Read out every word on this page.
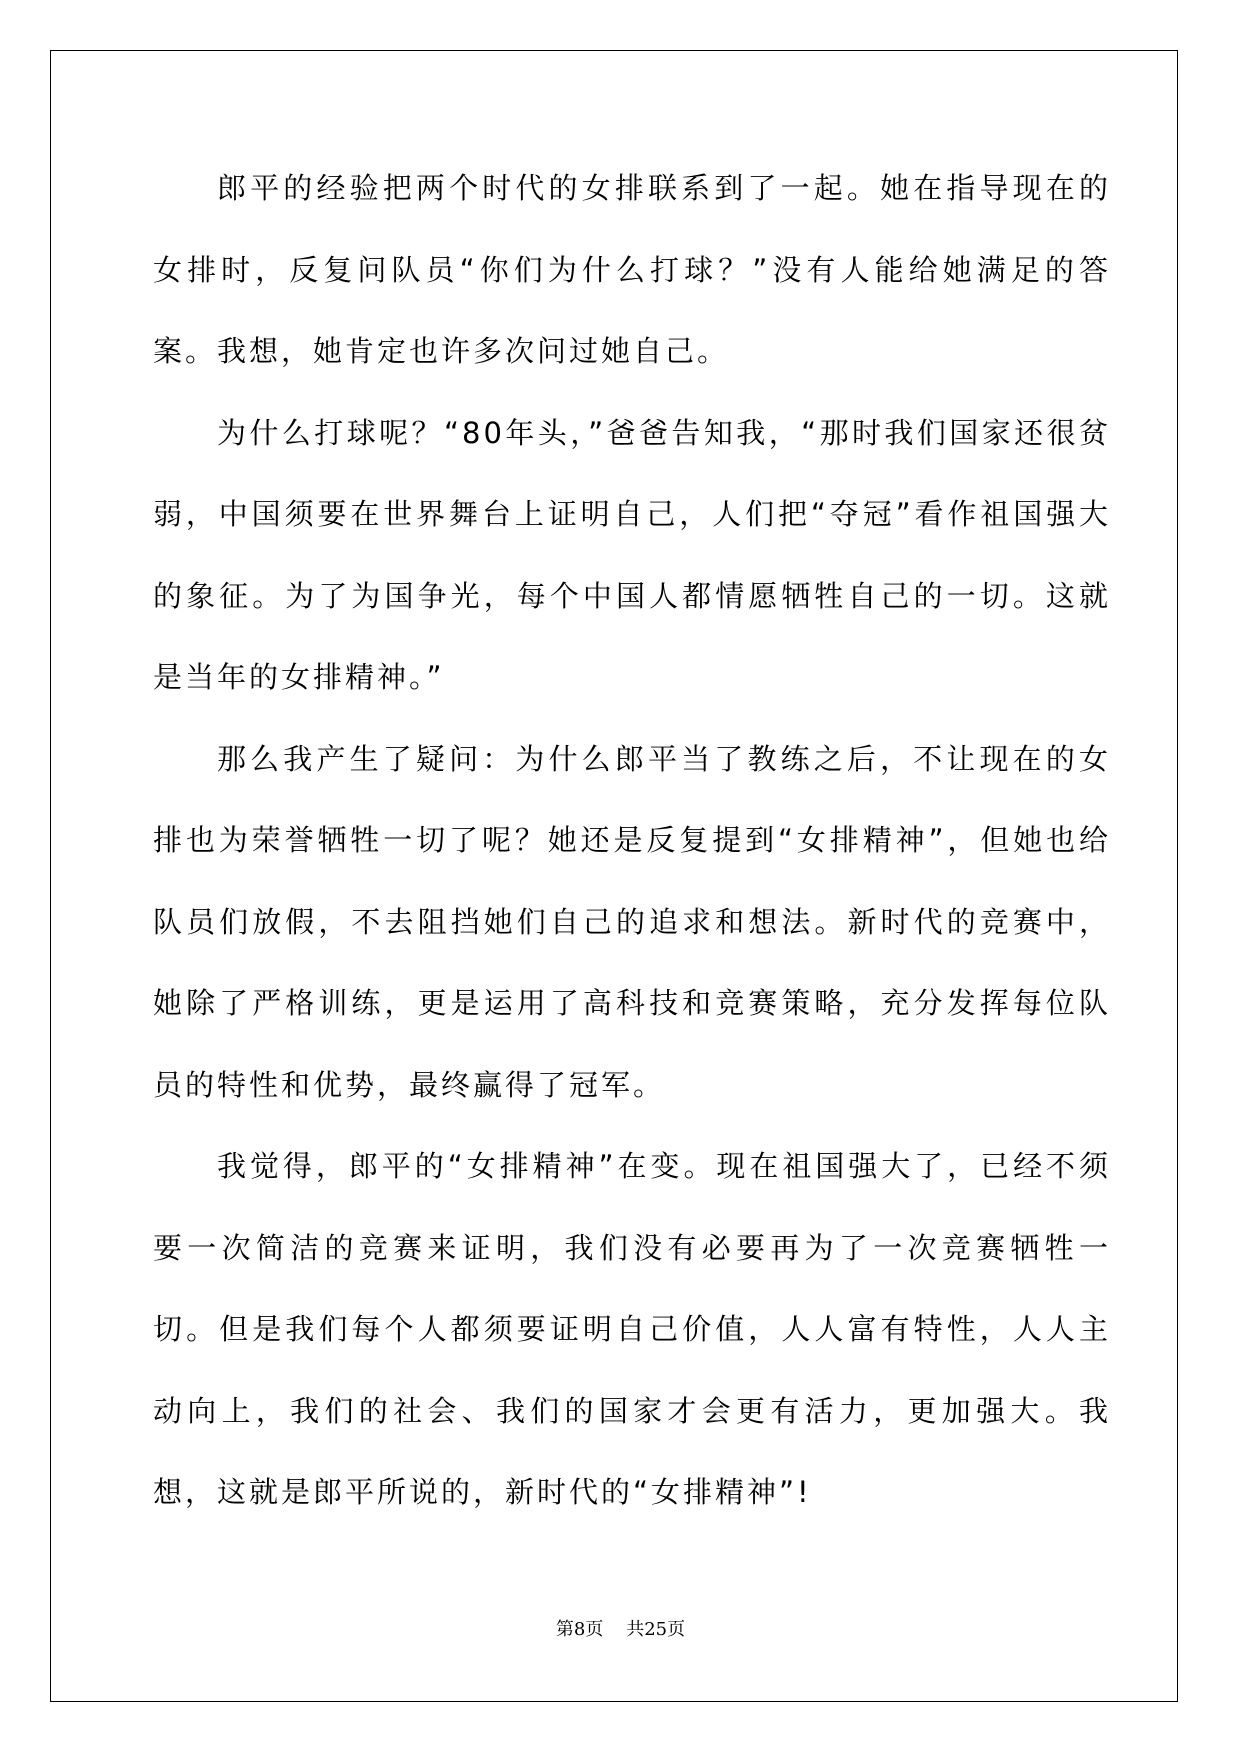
郎平的经验把两个时代的女排联系到了一起。她在指导现在的女排时，反复问队员“你们为什么打球？”没有人能给她满足的答案。我想，她肯定也许多次问过她自己。

为什么打球呢？“80年头，”爸爸告知我，“那时我们国家还很贫弱，中国须要在世界舞台上证明自己，人们把“夺冠”看作祖国强大的象征。为了为国争光，每个中国人都情愿牺牲自己的一切。这就是当年的女排精神。”

那么我产生了疑问：为什么郎平当了教练之后，不让现在的女排也为荣誉牺牲一切了呢？她还是反复提到“女排精神”，但她也给队员们放假，不去阻挡她们自己的追求和想法。新时代的竞赛中，她除了严格训练，更是运用了高科技和竞赛策略，充分发挥每位队员的特性和优势，最终赢得了冠军。

我觉得，郎平的“女排精神”在变。现在祖国强大了，已经不须要一次简洁的竞赛来证明，我们没有必要再为了一次竞赛牺牲一切。但是我们每个人都须要证明自己价值，人人富有特性，人人主动向上，我们的社会、我们的国家才会更有活力，更加强大。我想，这就是郎平所说的，新时代的“女排精神”!

第8页 共25页
